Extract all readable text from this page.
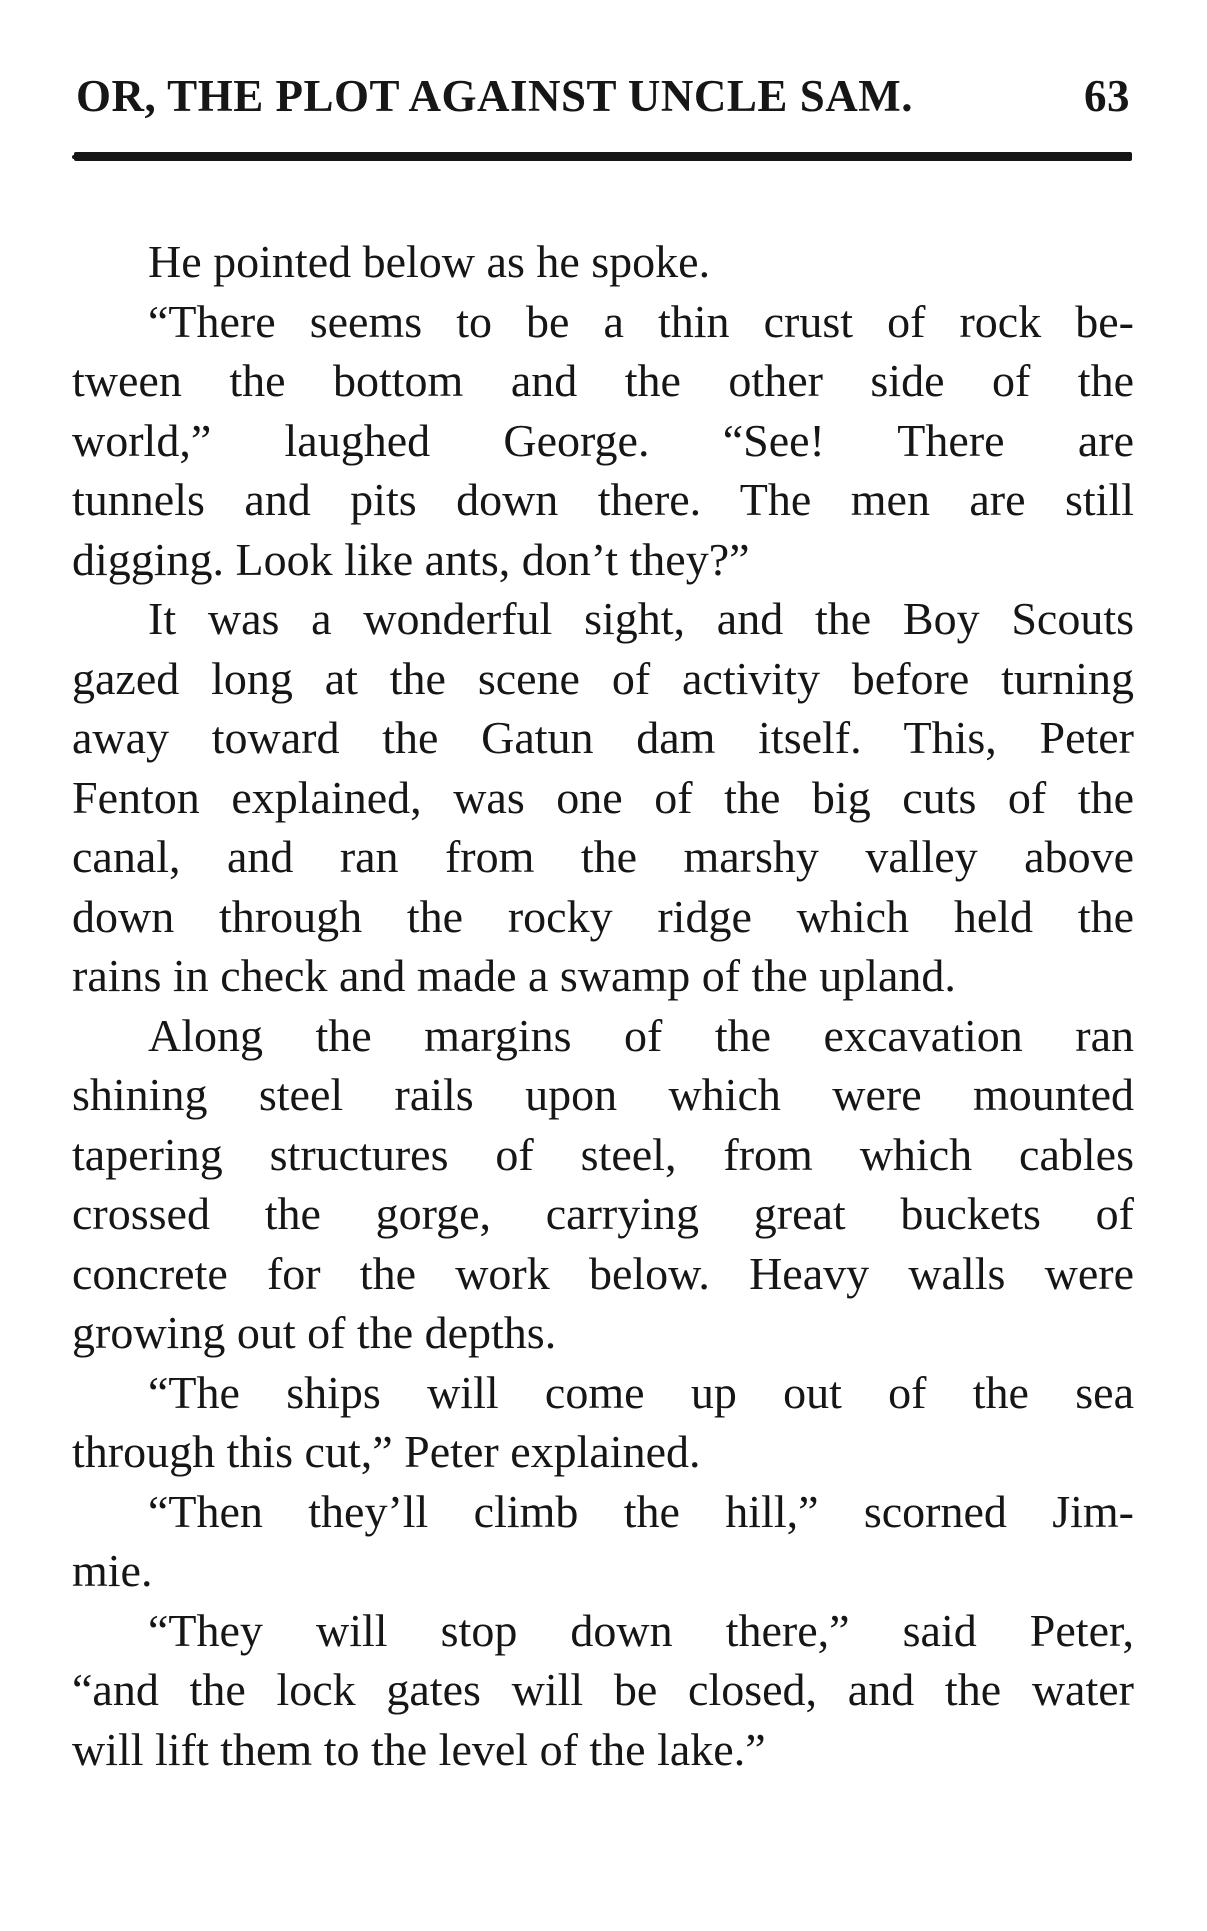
OR, THE PLOT AGAINST UNCLE SAM.	63
He pointed below as he spoke.
“There seems to be a thin crust of rock be-
tween the bottom and the other side of the
world,” laughed George. “See! There are
tunnels and pits down there. The men are still
digging. Look like ants, don’t they?”
It was a wonderful sight, and the Boy Scouts
gazed long at the scene of activity before turning
away toward the Gatun dam itself. This, Peter
Fenton explained, was one of the big cuts of the
canal, and ran from the marshy valley above
down through the rocky ridge which held the
rains in check and made a swamp of the upland.
Along the margins of the excavation ran
shining steel rails upon which were mounted
tapering structures of steel, from which cables
crossed the gorge, carrying great buckets of
concrete for the work below. Heavy walls were
growing out of the depths.
“The ships will come up out of the sea
through this cut,” Peter explained.
“Then they’ll climb the hill,” scorned Jim-
mie.
“They will stop down there,” said Peter,
“and the lock gates will be closed, and the water
will lift them to the level of the lake.”
